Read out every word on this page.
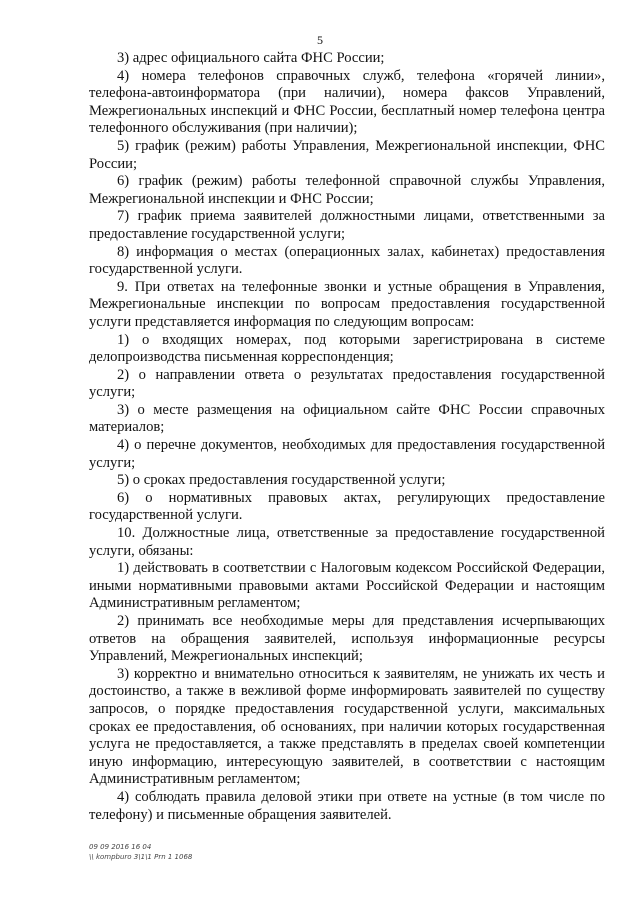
5

3) адрес официального сайта ФНС России;

4) номера телефонов справочных служб, телефона «горячей линии», телефона-автоинформатора (при наличии), номера факсов Управлений, Межрегиональных инспекций и ФНС России, бесплатный номер телефона центра телефонного обслуживания (при наличии);

5) график (режим) работы Управления, Межрегиональной инспекции, ФНС России;

6) график (режим) работы телефонной справочной службы Управления, Межрегиональной инспекции и ФНС России;

7) график приема заявителей должностными лицами, ответственными за предоставление государственной услуги;

8) информация о местах (операционных залах, кабинетах) предоставления государственной услуги.

9. При ответах на телефонные звонки и устные обращения в Управления, Межрегиональные инспекции по вопросам предоставления государственной услуги представляется информация по следующим вопросам:

1) о входящих номерах, под которыми зарегистрирована в системе делопроизводства письменная корреспонденция;

2) о направлении ответа о результатах предоставления государственной услуги;

3) о месте размещения на официальном сайте ФНС России справочных материалов;

4) о перечне документов, необходимых для предоставления государственной услуги;

5) о сроках предоставления государственной услуги;

6) о нормативных правовых актах, регулирующих предоставление государственной услуги.

10. Должностные лица, ответственные за предоставление государственной услуги, обязаны:

1) действовать в соответствии с Налоговым кодексом Российской Федерации, иными нормативными правовыми актами Российской Федерации и настоящим Административным регламентом;

2) принимать все необходимые меры для представления исчерпывающих ответов на обращения заявителей, используя информационные ресурсы Управлений, Межрегиональных инспекций;

3) корректно и внимательно относиться к заявителям, не унижать их честь и достоинство, а также в вежливой форме информировать заявителей по существу запросов, о порядке предоставления государственной услуги, максимальных сроках ее предоставления, об основаниях, при наличии которых государственная услуга не предоставляется, а также представлять в пределах своей компетенции иную информацию, интересующую заявителей, в соответствии с настоящим Административным регламентом;

4) соблюдать правила деловой этики при ответе на устные (в том числе по телефону) и письменные обращения заявителей.

09 09 2016 16 04
\\ kompburo 3\1\1 Prn 1 1068
